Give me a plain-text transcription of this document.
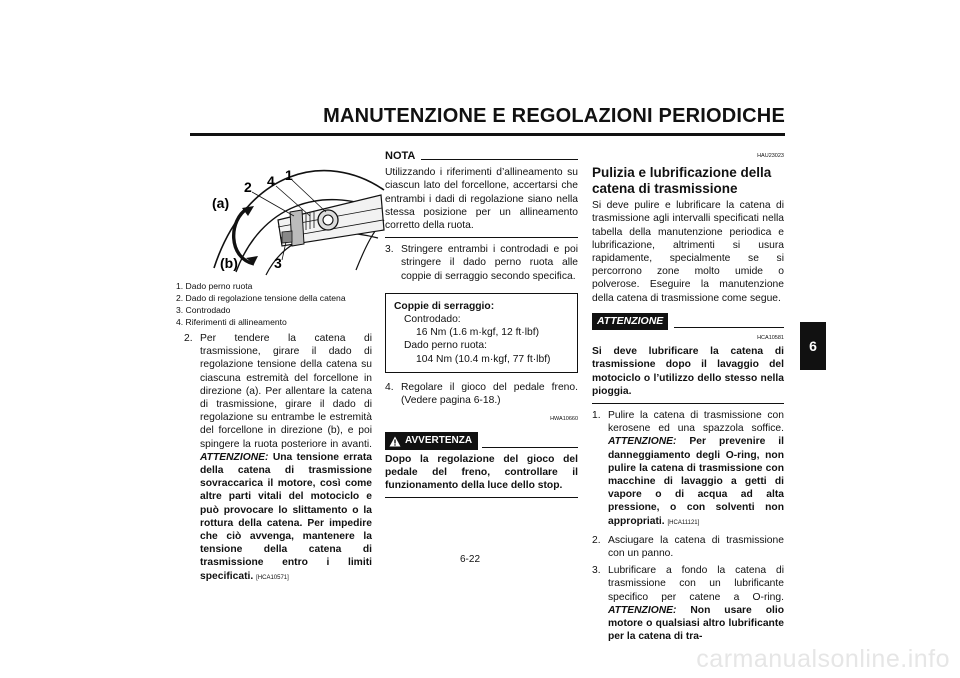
MANUTENZIONE E REGOLAZIONI PERIODICHE
6
2 4 1
(a)
(b)	3
1. Dado perno ruota
2. Dado di regolazione tensione della catena
3. Controdado
4. Riferimenti di allineamento
2. Per tendere la catena di trasmissione, girare il dado di regolazione tensione della catena su ciascuna estremità del forcellone in direzione (a). Per allentare la catena di trasmissione, girare il dado di regolazione su entrambe le estremità del forcellone in direzione (b), e poi spingere la ruota posteriore in avanti. ATTENZIONE: Una tensione errata della catena di trasmissione sovraccarica il motore, così come altre parti vitali del motociclo e può provocare lo slittamento o la rottura della catena. Per impedire che ciò avvenga, mantenere la tensione della catena di trasmissione entro i limiti specificati. [HCA10571]
NOTA
Utilizzando i riferimenti d’allineamento su ciascun lato del forcellone, accertarsi che entrambi i dadi di regolazione siano nella stessa posizione per un allineamento corretto della ruota.
3. Stringere entrambi i controdadi e poi stringere il dado perno ruota alle coppie di serraggio secondo specifica.
Coppie di serraggio:
Controdado:
16 Nm (1.6 m·kgf, 12 ft·lbf)
Dado perno ruota:
104 Nm (10.4 m·kgf, 77 ft·lbf)
4. Regolare il gioco del pedale freno. (Vedere pagina 6-18.)
HWA10660
AVVERTENZA
Dopo la regolazione del gioco del pedale del freno, controllare il funzionamento della luce dello stop.
HAU23023
Pulizia e lubrificazione della catena di trasmissione
Si deve pulire e lubrificare la catena di trasmissione agli intervalli specificati nella tabella della manutenzione periodica e lubrificazione, altrimenti si usura rapidamente, specialmente se si percorrono zone molto umide o polverose. Eseguire la manutenzione della catena di trasmissione come segue.
ATTENZIONE
HCA10581
Si deve lubrificare la catena di trasmissione dopo il lavaggio del motociclo o l’utilizzo dello stesso nella pioggia.
1. Pulire la catena di trasmissione con kerosene ed una spazzola soffice. ATTENZIONE: Per prevenire il danneggiamento degli O-ring, non pulire la catena di trasmissione con macchine di lavaggio a getti di vapore o di acqua ad alta pressione, o con solventi non appropriati. [HCA11121]
2. Asciugare la catena di trasmissione con un panno.
3. Lubrificare a fondo la catena di trasmissione con un lubrificante specifico per catene a O-ring. ATTENZIONE: Non usare olio motore o qualsiasi altro lubrificante per la catena di tra-
6-22
carmanualsonline.info
